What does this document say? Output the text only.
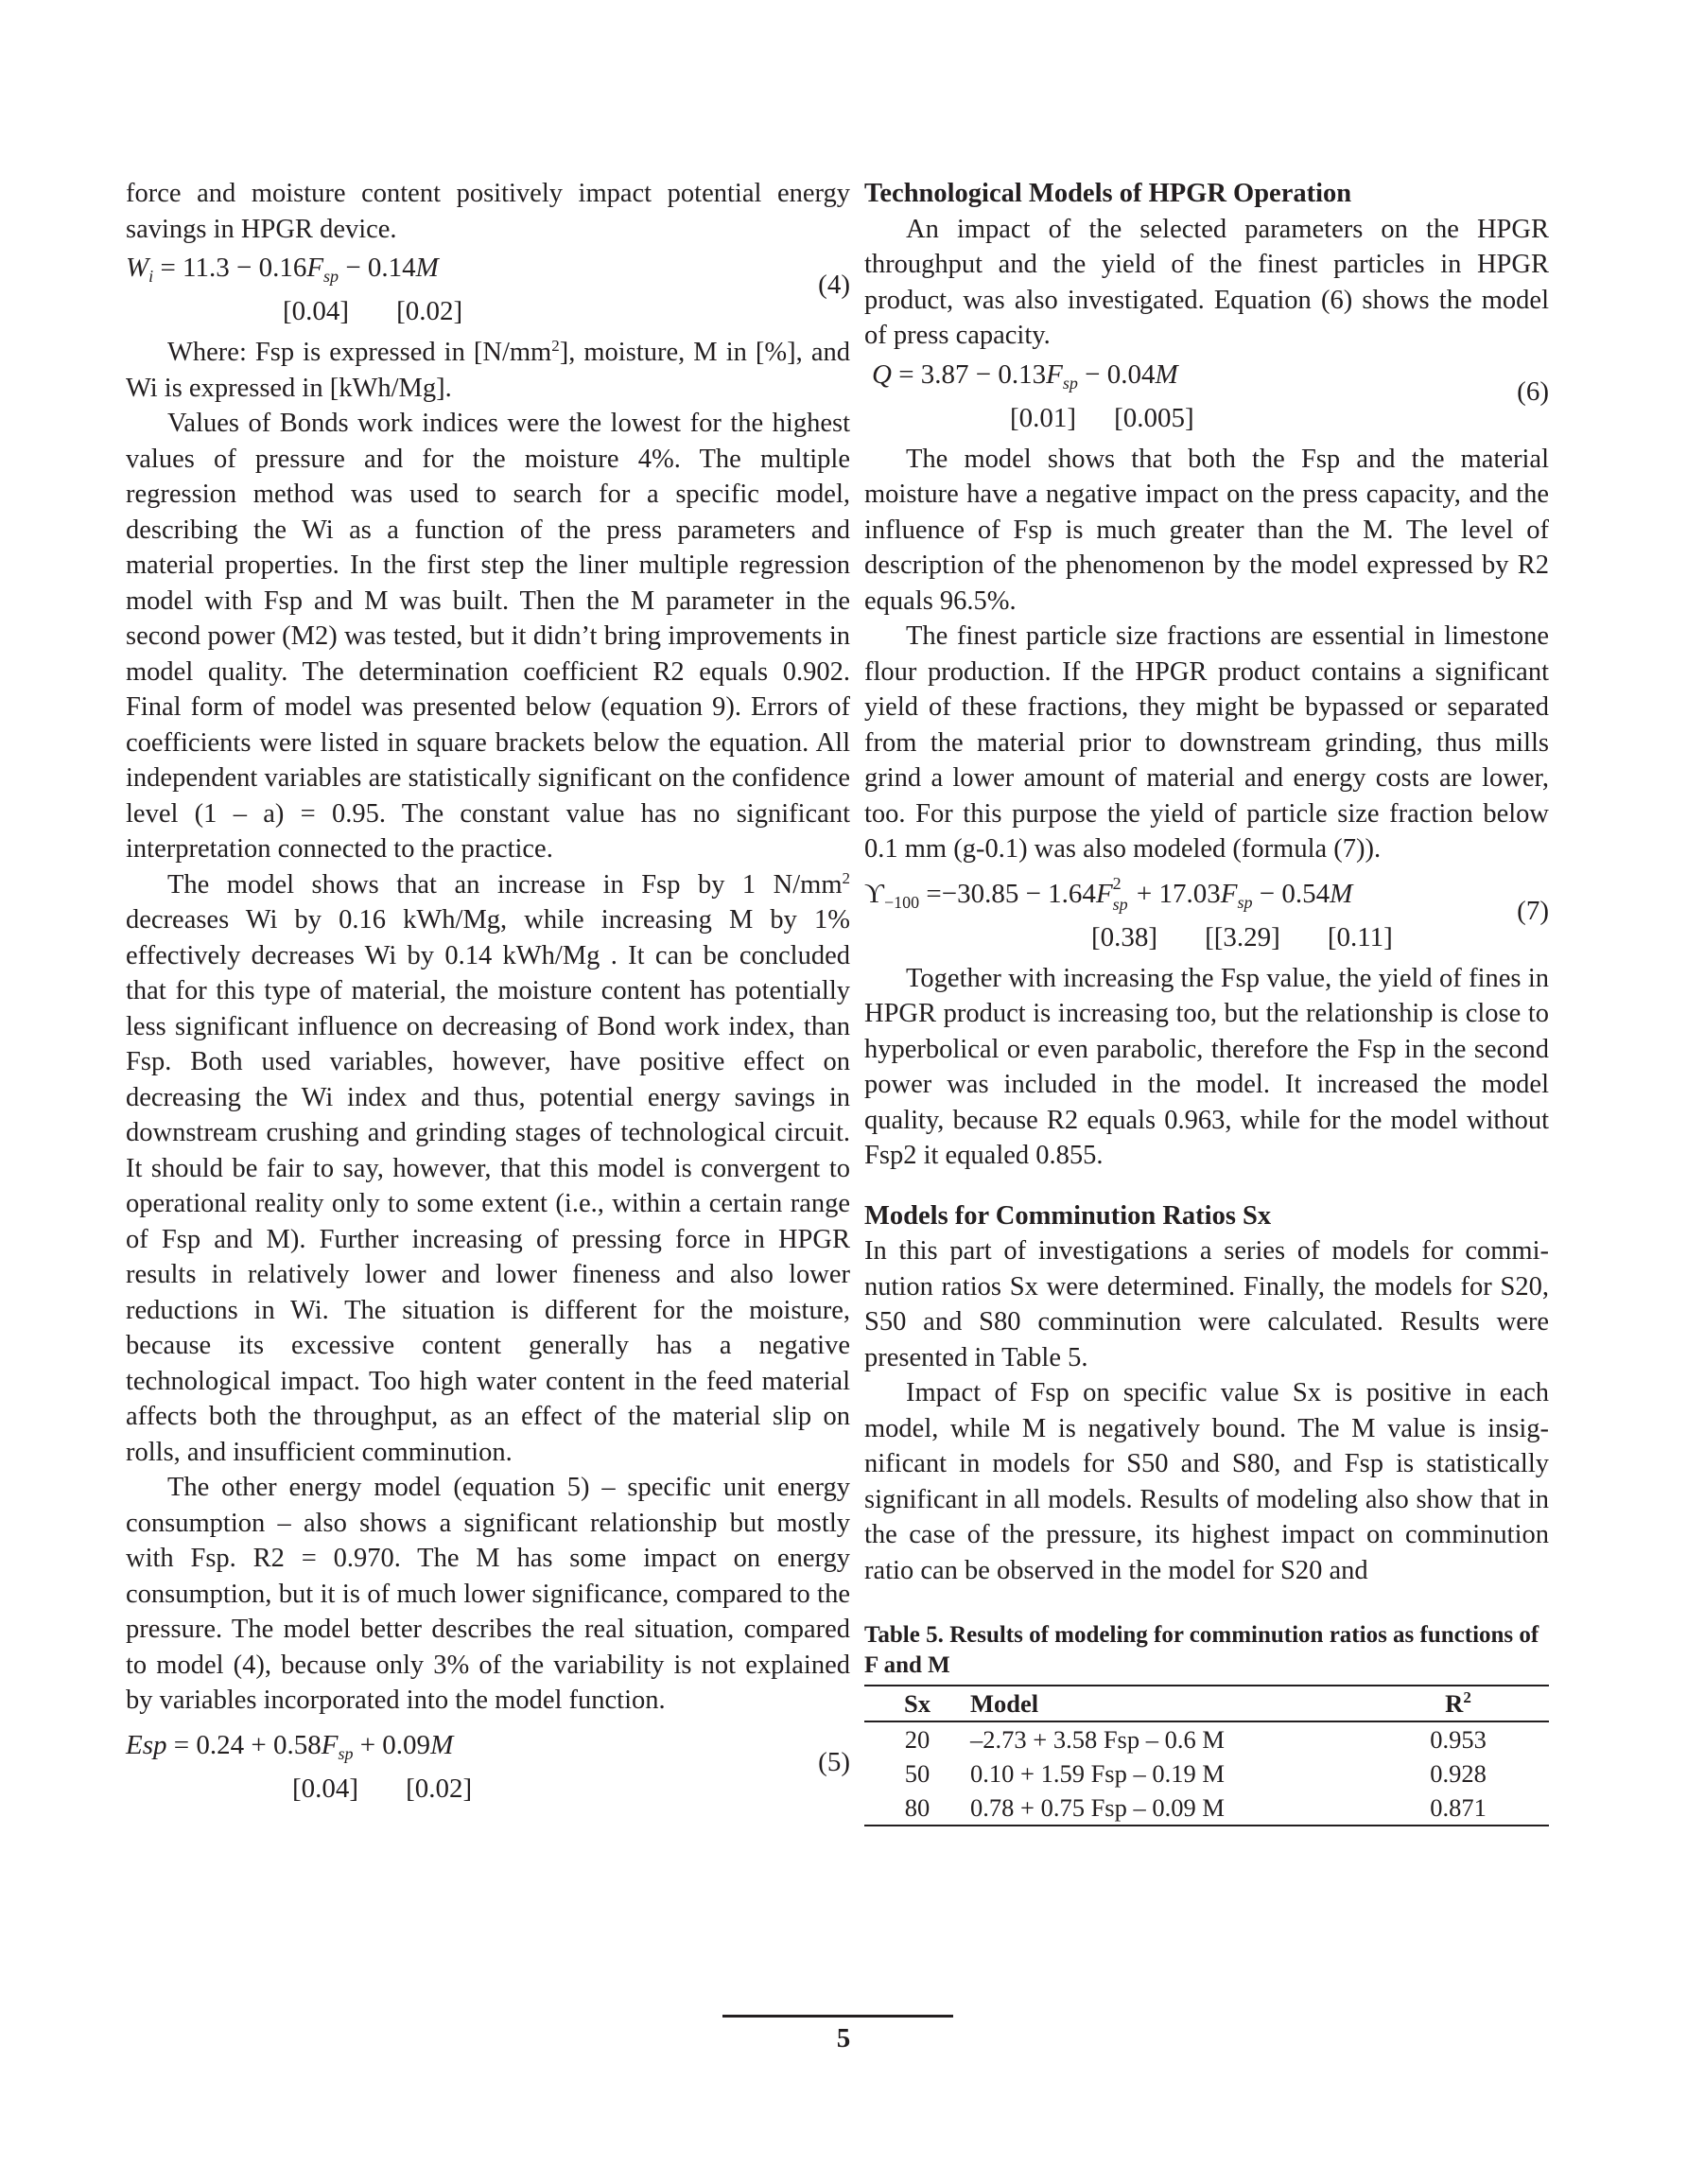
force and moisture content positively impact potential energy savings in HPGR device.

$W_i = 11.3 - 0.16F_{sp} - 0.14M$
[0.04] [0.02]
(4)

Where: Fsp is expressed in $[N/mm^2]$, moisture, M in [%], and Wi is expressed in [kWh/Mg].

Values of Bonds work indices were the lowest for the highest values of pressure and for the moisture 4%. The multiple regression method was used to search for a specific model, describing the Wi as a function of the press parameters and material properties. In the first step the liner multiple regression model with Fsp and M was built. Then the M parameter in the second power (M2) was tested, but it didn’t bring improvements in model quality. The determination coefficient R2 equals 0.902. Final form of model was presented below (equation 9). Errors of coefficients were listed in square brackets below the equation. All independent variables are statistically significant on the confidence level (1 – a) = 0.95. The constant value has no significant interpretation connected to the practice.

The model shows that an increase in Fsp by 1 $N/mm^2$ decreases Wi by 0.16 kWh/Mg, while increasing M by 1% effectively decreases Wi by 0.14 kWh/Mg . It can be concluded that for this type of material, the moisture content has potentially less significant influence on decreasing of Bond work index, than Fsp. Both used variables, however, have positive effect on decreasing the Wi index and thus, potential energy savings in downstream crushing and grinding stages of technological circuit. It should be fair to say, however, that this model is convergent to operational reality only to some extent (i.e., within a certain range of Fsp and M). Further increasing of pressing force in HPGR results in relatively lower and lower fineness and also lower reductions in Wi. The situation is different for the moisture, because its excessive content generally has a negative technological impact. Too high water content in the feed material affects both the throughput, as an effect of the material slip on rolls, and insufficient comminution.

The other energy model (equation 5) – specific unit energy consumption – also shows a significant relationship but mostly with Fsp. R2 = 0.970. The M has some impact on energy consumption, but it is of much lower significance, compared to the pressure. The model better describes the real situation, compared to model (4), because only 3% of the variability is not explained by variables incorporated into the model function.

Esp = $0.24 + 0.58F_{sp} + 0.09M$
[0.04] [0.02]
(5)
Technological Models of HPGR Operation

An impact of the selected parameters on the HPGR throughput and the yield of the finest particles in HPGR product, was also investigated. Equation (6) shows the model of press capacity.

$Q = 3.87 - 0.13F_{sp} - 0.04M$
[0.01] [0.005]
(6)

The model shows that both the Fsp and the material moisture have a negative impact on the press capacity, and the influence of Fsp is much greater than the M. The level of description of the phenomenon by the model expressed by R2 equals 96.5%.

The finest particle size fractions are essential in limestone flour production. If the HPGR product contains a significant yield of these fractions, they might be bypassed or separated from the material prior to downstream grinding, thus mills grind a lower amount of material and energy costs are lower, too. For this purpose the yield of particle size fraction below 0.1 mm (g-0.1) was also modeled (formula (7)).

$ϒ_{-100} =-30.85 - 1.64F$ 2
sp + $17.03F_{sp} - 0.54M$
[0.38] [[3.29] [0.11]
(7)

Together with increasing the Fsp value, the yield of fines in HPGR product is increasing too, but the relationship is close to hyperbolical or even parabolic, therefore the Fsp in the second power was included in the model. It increased the model quality, because R2 equals 0.963, while for the model without Fsp2 it equaled 0.855.

Models for Comminution Ratios Sx

In this part of investigations a series of models for comminution ratios Sx were determined. Finally, the models for S20, S50 and S80 comminution were calculated. Results were presented in Table 5.

Impact of Fsp on specific value Sx is positive in each model, while M is negatively bound. The M value is insignificant in models for S50 and S80, and Fsp is statistically significant in all models. Results of modeling also show that in the case of the pressure, its highest impact on comminution ratio can be observed in the model for S20 and

Table 5. Results of modeling for comminution ratios as functions of F and M

Sx	Model	$R^2$
20	–2.73 + 3.58 Fsp – 0.6 M	0.953
50	0.10 + 1.59 Fsp – 0.19 M	0.928
80	0.78 + 0.75 Fsp – 0.09 M	0.871
5
